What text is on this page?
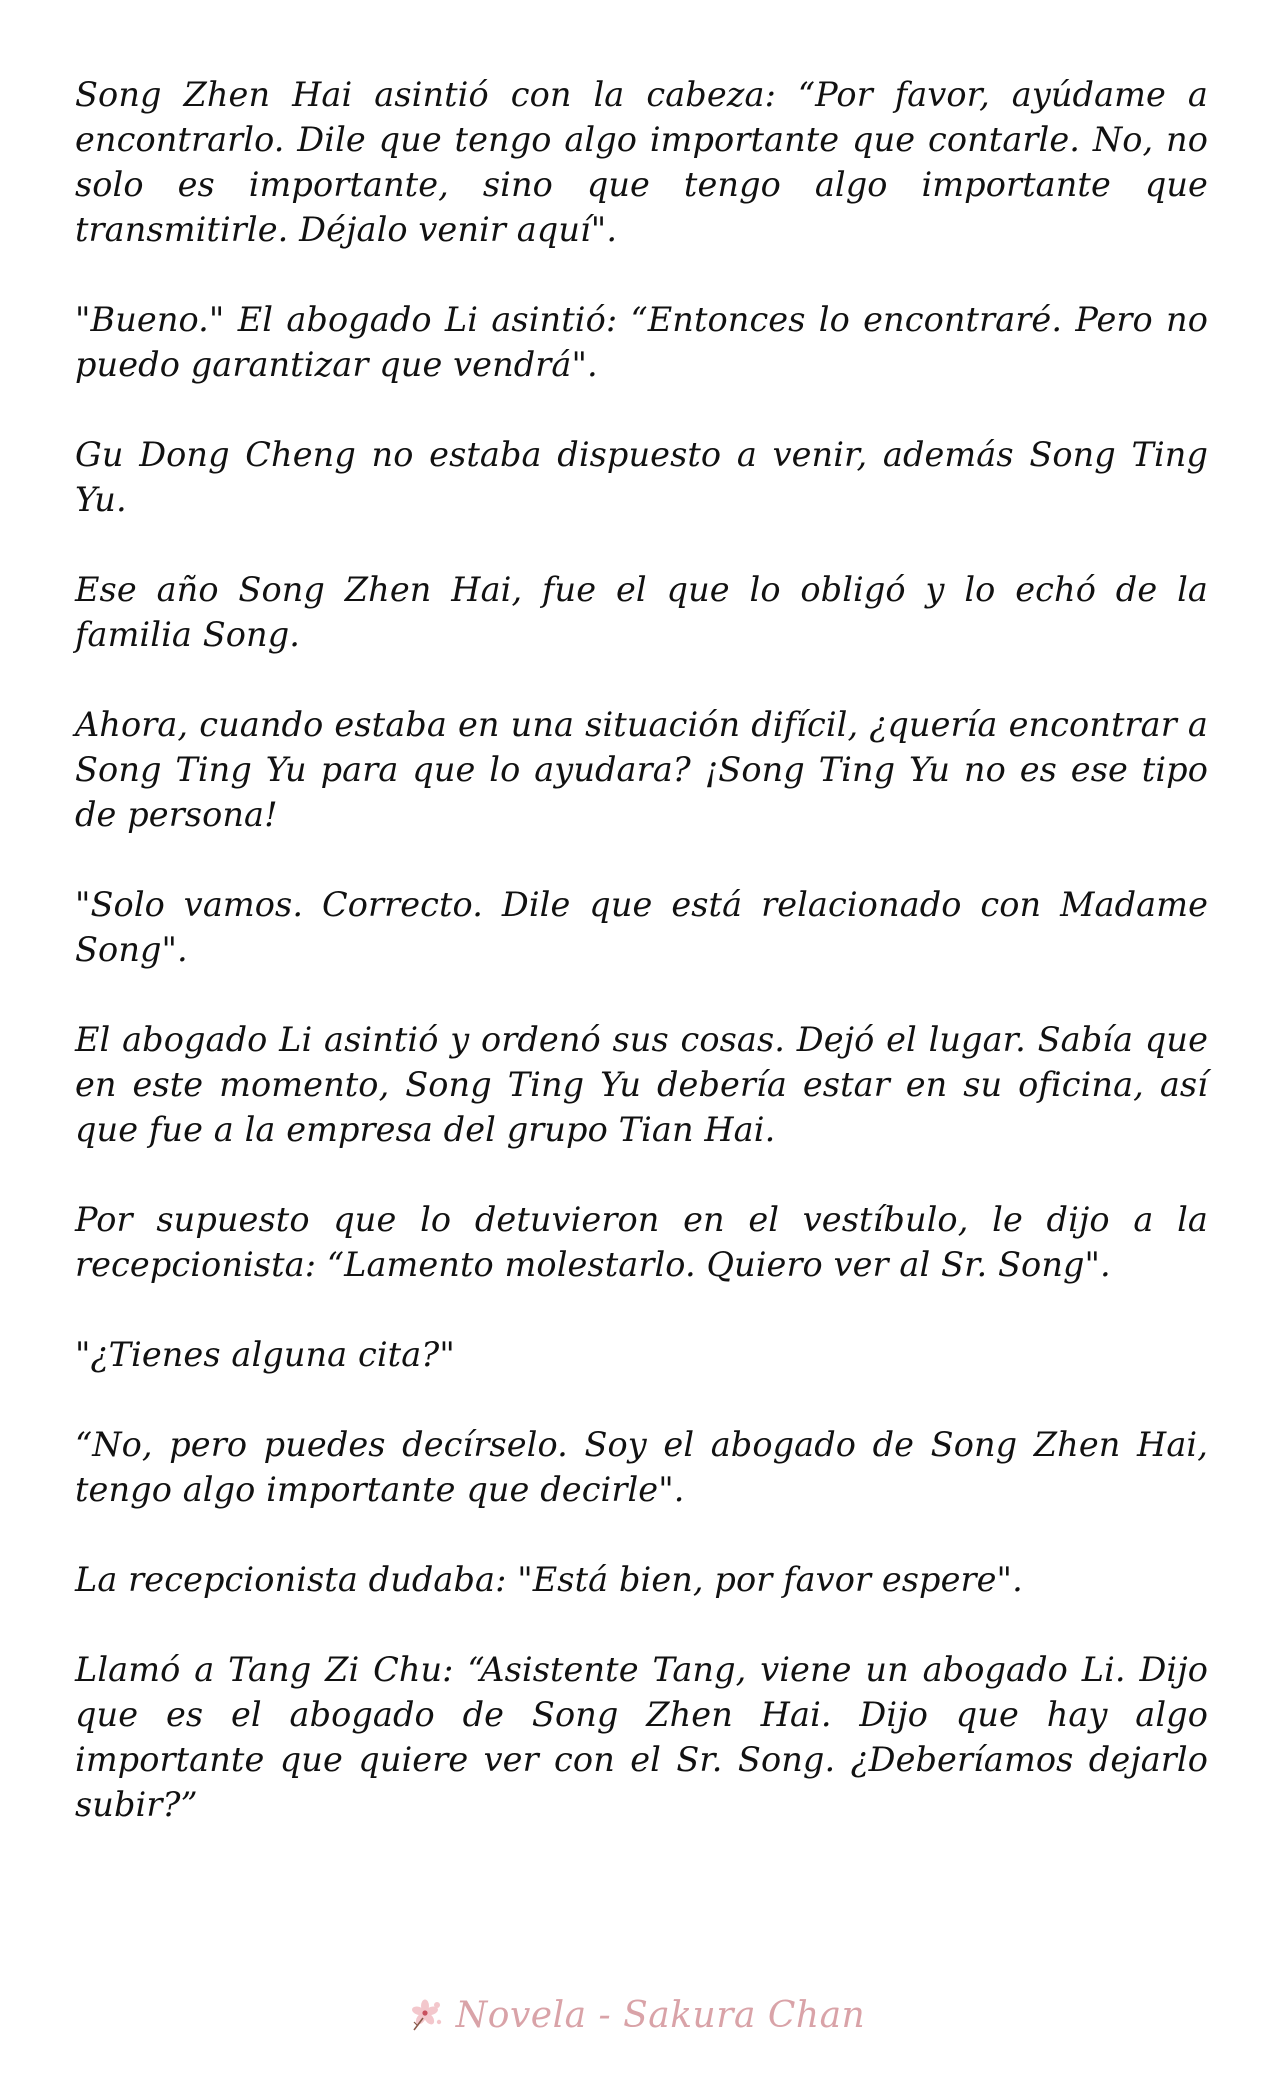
Song Zhen Hai asintió con la cabeza: “Por favor, ayúdame a encontrarlo. Dile que tengo algo importante que contarle. No, no solo es importante, sino que tengo algo importante que transmitirle. Déjalo venir aquí".

"Bueno." El abogado Li asintió: “Entonces lo encontraré. Pero no puedo garantizar que vendrá".

Gu Dong Cheng no estaba dispuesto a venir, además Song Ting Yu.

Ese año Song Zhen Hai, fue el que lo obligó y lo echó de la familia Song.

Ahora, cuando estaba en una situación difícil, ¿quería encontrar a Song Ting Yu para que lo ayudara? ¡Song Ting Yu no es ese tipo de persona!

"Solo vamos. Correcto. Dile que está relacionado con Madame Song".

El abogado Li asintió y ordenó sus cosas. Dejó el lugar. Sabía que en este momento, Song Ting Yu debería estar en su oficina, así que fue a la empresa del grupo Tian Hai.

Por supuesto que lo detuvieron en el vestíbulo, le dijo a la recepcionista: “Lamento molestarlo. Quiero ver al Sr. Song".

"¿Tienes alguna cita?"

“No, pero puedes decírselo. Soy el abogado de Song Zhen Hai, tengo algo importante que decirle".

La recepcionista dudaba: "Está bien, por favor espere".

Llamó a Tang Zi Chu: “Asistente Tang, viene un abogado Li. Dijo que es el abogado de Song Zhen Hai. Dijo que hay algo importante que quiere ver con el Sr. Song. ¿Deberíamos dejarlo subir?”

Novela - Sakura Chan
